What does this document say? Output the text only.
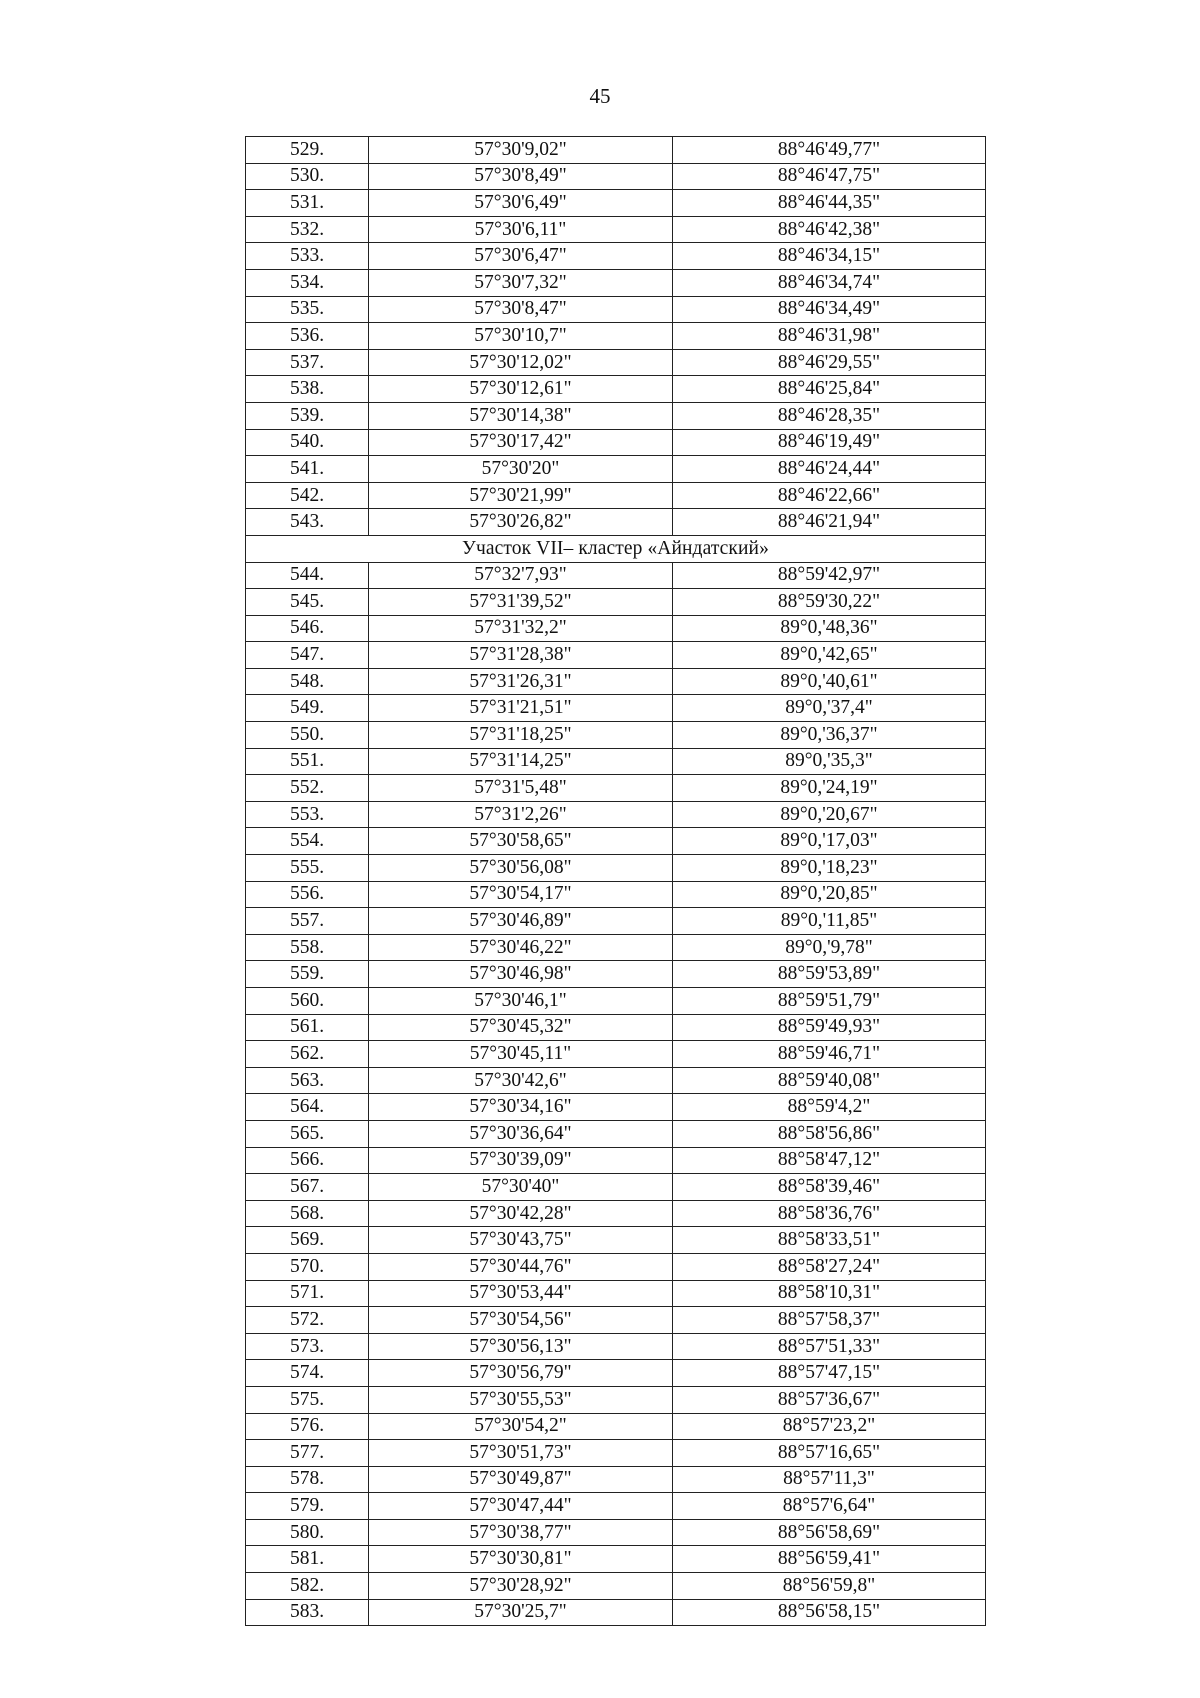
45
529.	57°30'9,02"	88°46'49,77"
530.	57°30'8,49"	88°46'47,75"
531.	57°30'6,49"	88°46'44,35"
532.	57°30'6,11"	88°46'42,38"
533.	57°30'6,47"	88°46'34,15"
534.	57°30'7,32"	88°46'34,74"
535.	57°30'8,47"	88°46'34,49"
536.	57°30'10,7"	88°46'31,98"
537.	57°30'12,02"	88°46'29,55"
538.	57°30'12,61"	88°46'25,84"
539.	57°30'14,38"	88°46'28,35"
540.	57°30'17,42"	88°46'19,49"
541.	57°30'20"	88°46'24,44"
542.	57°30'21,99"	88°46'22,66"
543.	57°30'26,82"	88°46'21,94"
Участок VII– кластер «Айндатский»		
544.	57°32'7,93"	88°59'42,97"
545.	57°31'39,52"	88°59'30,22"
546.	57°31'32,2"	89°0,'48,36"
547.	57°31'28,38"	89°0,'42,65"
548.	57°31'26,31"	89°0,'40,61"
549.	57°31'21,51"	89°0,'37,4"
550.	57°31'18,25"	89°0,'36,37"
551.	57°31'14,25"	89°0,'35,3"
552.	57°31'5,48"	89°0,'24,19"
553.	57°31'2,26"	89°0,'20,67"
554.	57°30'58,65"	89°0,'17,03"
555.	57°30'56,08"	89°0,'18,23"
556.	57°30'54,17"	89°0,'20,85"
557.	57°30'46,89"	89°0,'11,85"
558.	57°30'46,22"	89°0,'9,78"
559.	57°30'46,98"	88°59'53,89"
560.	57°30'46,1"	88°59'51,79"
561.	57°30'45,32"	88°59'49,93"
562.	57°30'45,11"	88°59'46,71"
563.	57°30'42,6"	88°59'40,08"
564.	57°30'34,16"	88°59'4,2"
565.	57°30'36,64"	88°58'56,86"
566.	57°30'39,09"	88°58'47,12"
567.	57°30'40"	88°58'39,46"
568.	57°30'42,28"	88°58'36,76"
569.	57°30'43,75"	88°58'33,51"
570.	57°30'44,76"	88°58'27,24"
571.	57°30'53,44"	88°58'10,31"
572.	57°30'54,56"	88°57'58,37"
573.	57°30'56,13"	88°57'51,33"
574.	57°30'56,79"	88°57'47,15"
575.	57°30'55,53"	88°57'36,67"
576.	57°30'54,2"	88°57'23,2"
577.	57°30'51,73"	88°57'16,65"
578.	57°30'49,87"	88°57'11,3"
579.	57°30'47,44"	88°57'6,64"
580.	57°30'38,77"	88°56'58,69"
581.	57°30'30,81"	88°56'59,41"
582.	57°30'28,92"	88°56'59,8"
583.	57°30'25,7"	88°56'58,15"
